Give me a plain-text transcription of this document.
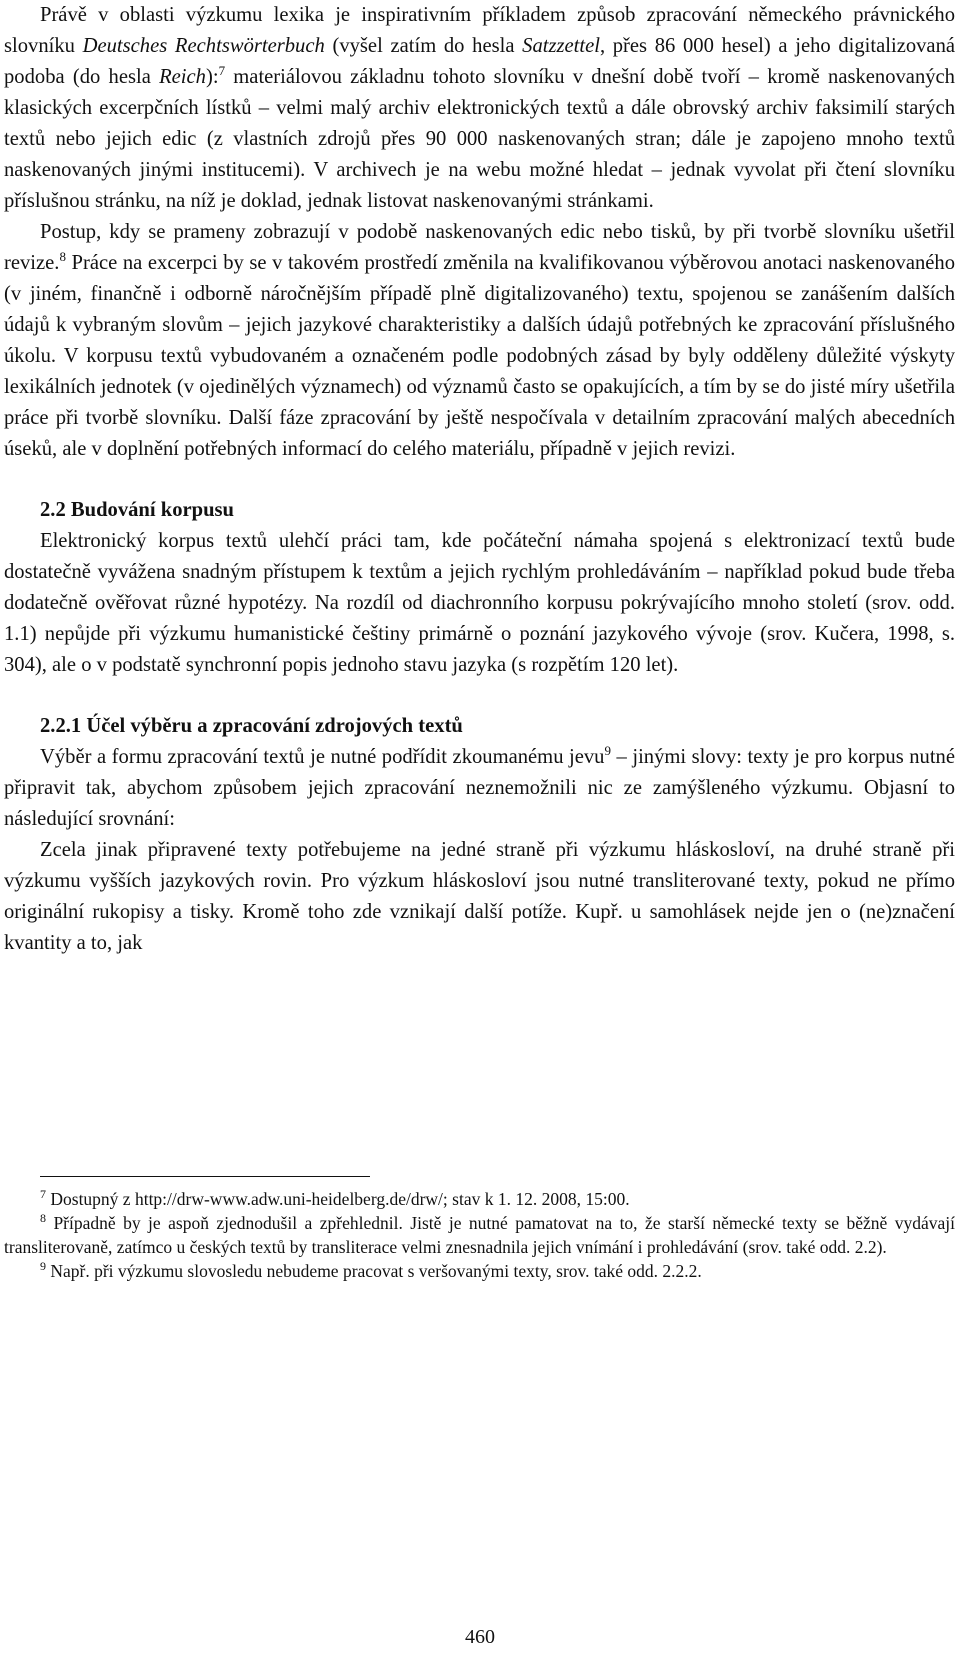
Právě v oblasti výzkumu lexika je inspirativním příkladem způsob zpracování německého právnického slovníku Deutsches Rechtswörterbuch (vyšel zatím do hesla Satzzettel, přes 86 000 hesel) a jeho digitalizovaná podoba (do hesla Reich):$^7$ materiálovou základnu tohoto slovníku v dnešní době tvoří – kromě naskenovaných klasických excerpčních lístků – velmi malý archiv elektronických textů a dále obrovský archiv faksimilí starých textů nebo jejich edic (z vlastních zdrojů přes 90 000 naskenovaných stran; dále je zapojeno mnoho textů naskenovaných jinými institucemi). V archivech je na webu možné hledat – jednak vyvolat při čtení slovníku příslušnou stránku, na níž je doklad, jednak listovat naskenovanými stránkami.

Postup, kdy se prameny zobrazují v podobě naskenovaných edic nebo tisků, by při tvorbě slovníku ušetřil revize.$^8$ Práce na excerpci by se v takovém prostředí změnila na kvalifikovanou výběrovou anotaci naskenovaného (v jiném, finančně i odborně náročnějším případě plně digitalizovaného) textu, spojenou se zanášením dalších údajů k vybraným slovům – jejich jazykové charakteristiky a dalších údajů potřebných ke zpracování příslušného úkolu. V korpusu textů vybudovaném a označeném podle podobných zásad by byly odděleny důležité výskyty lexikálních jednotek (v ojedinělých významech) od významů často se opakujících, a tím by se do jisté míry ušetřila práce při tvorbě slovníku. Další fáze zpracování by ještě nespočívala v detailním zpracování malých abecedních úseků, ale v doplnění potřebných informací do celého materiálu, případně v jejich revizi.

2.2 Budování korpusu

Elektronický korpus textů ulehčí práci tam, kde počáteční námaha spojená s elektronizací textů bude dostatečně vyvážena snadným přístupem k textům a jejich rychlým prohledáváním – například pokud bude třeba dodatečně ověřovat různé hypotézy. Na rozdíl od diachronního korpusu pokrývajícího mnoho století (srov. odd. 1.1) nepůjde při výzkumu humanistické češtiny primárně o poznání jazykového vývoje (srov. Kučera, 1998, s. 304), ale o v podstatě synchronní popis jednoho stavu jazyka (s rozpětím 120 let).

2.2.1 Účel výběru a zpracování zdrojových textů

Výběr a formu zpracování textů je nutné podřídit zkoumanému jevu$^9$ – jinými slovy: texty je pro korpus nutné připravit tak, abychom způsobem jejich zpracování neznemožnili nic ze zamýšleného výzkumu. Objasní to následující srovnání:

Zcela jinak připravené texty potřebujeme na jedné straně při výzkumu hláskosloví, na druhé straně při výzkumu vyšších jazykových rovin. Pro výzkum hláskosloví jsou nutné transliterované texty, pokud ne přímo originální rukopisy a tisky. Kromě toho zde vznikají další potíže. Kupř. u samohlásek nejde jen o (ne)značení kvantity a to, jak

$^7$ Dostupný z http://drw-www.adw.uni-heidelberg.de/drw/; stav k 1. 12. 2008, 15:00.

$^8$ Případně by je aspoň zjednodušil a zpřehlednil. Jistě je nutné pamatovat na to, že starší německé texty se běžně vydávají transliterovaně, zatímco u českých textů by transliterace velmi znesnadnila jejich vnímání i prohledávání (srov. také odd. 2.2).

$^9$ Např. při výzkumu slovosledu nebudeme pracovat s veršovanými texty, srov. také odd. 2.2.2.

460
